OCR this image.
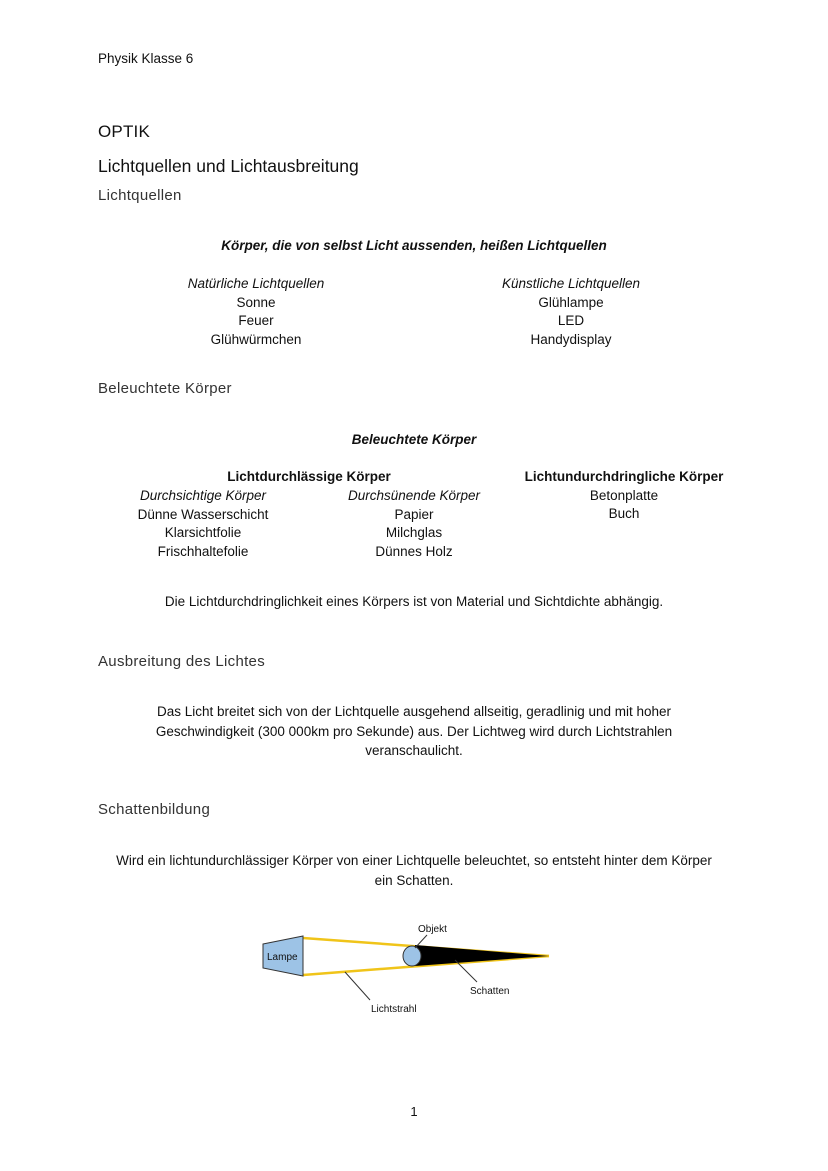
Physik Klasse 6
OPTIK
Lichtquellen und Lichtausbreitung
Lichtquellen
Körper, die von selbst Licht aussenden, heißen Lichtquellen
Natürliche Lichtquellen
Sonne
Feuer
Glühwürmchen
Künstliche Lichtquellen
Glühlampe
LED
Handydisplay
Beleuchtete Körper
Beleuchtete Körper
Lichtdurchlässige Körper
Durchsichtige Körper
Dünne Wasserschicht
Klarsichtfolie
Frischhaltefolie
Durchsünende Körper
Papier
Milchglas
Dünnes Holz
Lichtundurchdringliche Körper
Betonplatte
Buch
Die Lichtdurchdringlichkeit eines Körpers ist von Material und Sichtdichte abhängig.
Ausbreitung des Lichtes
Das Licht breitet sich von der Lichtquelle ausgehend allseitig, geradlinig und mit hoher
Geschwindigkeit (300 000km pro Sekunde) aus. Der Lichtweg wird durch Lichtstrahlen
veranschaulicht.
Schattenbildung
Wird ein lichtundurchlässiger Körper von einer Lichtquelle beleuchtet, so entsteht hinter dem Körper
ein Schatten.
Lampe
Objekt
Schatten
Lichtstrahl
1
